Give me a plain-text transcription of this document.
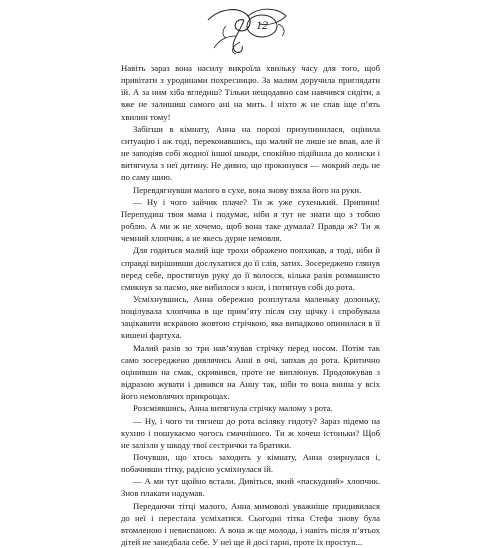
12

Навіть зараз вона насилу викроїла хвильку часу для того, щоб привітати з уродинами похресницю. За малим доручила приглядати їй. А за ним хіба вгледиш? Тільки нещодавно сам навчився сидіти, а вже не залишиш самого ані на мить. І ніхто ж не спав іще п’ять хвилин тому!

Забігши в кімнату, Анна на порозі призупинилася, оцінила ситуацію і аж тоді, переконавшись, що малий не лише не впав, але й не заподіяв собі жодної іншої шкоди, спокійно підійшла до колиски і витягнула з неї дитину. Не дивно, що прокинувся — мокрий ледь не по саму шию.

Перевдягнувши малого в сухе, вона знову взяла його на руки.

— Ну і чого зайчик плаче? Ти ж уже сухенький. Припини! Перепудиш твоя мама і подумає, ніби я тут не знати що з тобою роблю. А ми ж не хочемо, щоб вона таке думала? Правда ж? Ти ж чемний хлопчик, а не якесь дурне немовля.

Для годиться малий іще трохи ображено попхикав, а тоді, ніби й справді вирішивши дослухатися до її слів, затих. Зосереджено глянув перед себе, простягнув руку до її волосся, кілька разів розмашисто смикнув за пасмо, яке вибилося з коси, і потягнув собі до рота.

Усміхнувшись, Анна обережно розплутала маленьку долоньку, поцілувала хлопчика в ще прим’яту після сну щічку і спробувала зацікавити яскравою жовтою стрічкою, яка випадково опинилася в її кишені фартуха.

Малий разів зо три нав’язував стрічку перед носом. Потім так само зосереджено дивлячись Анні в очі, запхав до рота. Критично оцінивши на смак, скривився, проте не виплюнув. Продовжував з відразою жувати і дивився на Анну так, ніби то вона винна у всіх його немовлячих прикрощах.

Розсміявшись, Анна витягнула стрічку малому з рота.

— Ну, і чого ти тягнеш до рота всіляку гидоту? Зараз підемо на кухню і пошукаємо чогось смачнішого. Ти ж хочеш їстоньки? Щоб не залізли у шкоду твої сестрички та братики.

Почувши, що хтось заходить у кімнату, Анна озирнулася і, побачивши тітку, радісно усміхнулася їй.

— А ми тут щойно встали. Дивіться, який «паскудний» хлопчик. Знов плакати надумав.

Передаючи тітці малого, Анна мимоволі уважніше придивилася до неї і перестала усміхатися. Сьогодні тітка Стефа знову була втомленою і невиспаною. А вона ж ще молода, і навіть після п’ятьох дітей не занедбала себе. У неї ще й досі гарні, проте їх проступ...
